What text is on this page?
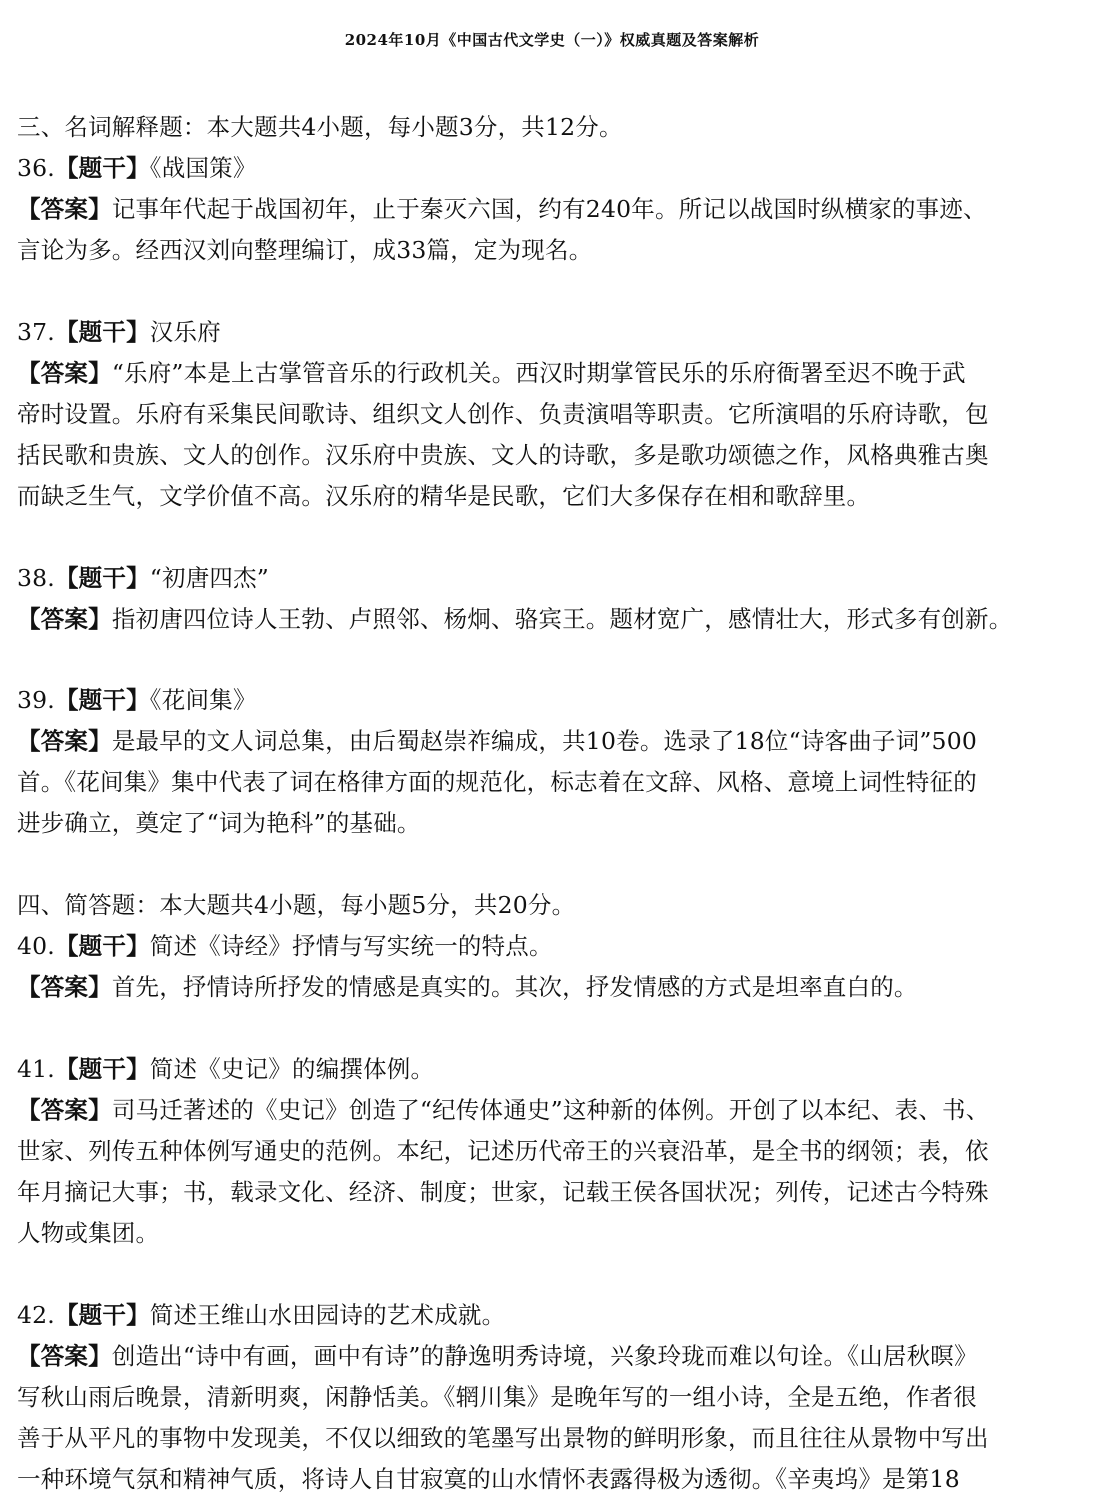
2024年10月《中国古代文学史（一）》权威真题及答案解析
三、名词解释题：本大题共4小题，每小题3分，共12分。
36.【题干】《战国策》
【答案】记事年代起于战国初年，止于秦灭六国，约有240年。所记以战国时纵横家的事迹、
言论为多。经西汉刘向整理编订，成33篇，定为现名。
37.【题干】汉乐府
【答案】“乐府”本是上古掌管音乐的行政机关。西汉时期掌管民乐的乐府衙署至迟不晚于武
帝时设置。乐府有采集民间歌诗、组织文人创作、负责演唱等职责。它所演唱的乐府诗歌，包
括民歌和贵族、文人的创作。汉乐府中贵族、文人的诗歌，多是歌功颂德之作，风格典雅古奥
而缺乏生气，文学价值不高。汉乐府的精华是民歌，它们大多保存在相和歌辞里。
38.【题干】“初唐四杰”
【答案】指初唐四位诗人王勃、卢照邻、杨炯、骆宾王。题材宽广，感情壮大，形式多有创新。
39.【题干】《花间集》
【答案】是最早的文人词总集，由后蜀赵崇祚编成，共10卷。选录了18位“诗客曲子词”500
首。《花间集》集中代表了词在格律方面的规范化，标志着在文辞、风格、意境上词性特征的
进步确立，奠定了“词为艳科”的基础。
四、简答题：本大题共4小题，每小题5分，共20分。
40.【题干】简述《诗经》抒情与写实统一的特点。
【答案】首先，抒情诗所抒发的情感是真实的。其次，抒发情感的方式是坦率直白的。
41.【题干】简述《史记》的编撰体例。
【答案】司马迁著述的《史记》创造了“纪传体通史”这种新的体例。开创了以本纪、表、书、
世家、列传五种体例写通史的范例。本纪，记述历代帝王的兴衰沿革，是全书的纲领；表，依
年月摘记大事；书，载录文化、经济、制度；世家，记载王侯各国状况；列传，记述古今特殊
人物或集团。
42.【题干】简述王维山水田园诗的艺术成就。
【答案】创造出“诗中有画，画中有诗”的静逸明秀诗境，兴象玲珑而难以句诠。《山居秋暝》
写秋山雨后晚景，清新明爽，闲静恬美。《辋川集》是晚年写的一组小诗，全是五绝，作者很
善于从平凡的事物中发现美，不仅以细致的笔墨写出景物的鲜明形象，而且往往从景物中写出
一种环境气氛和精神气质，将诗人自甘寂寞的山水情怀表露得极为透彻。《辛夷坞》是第18
